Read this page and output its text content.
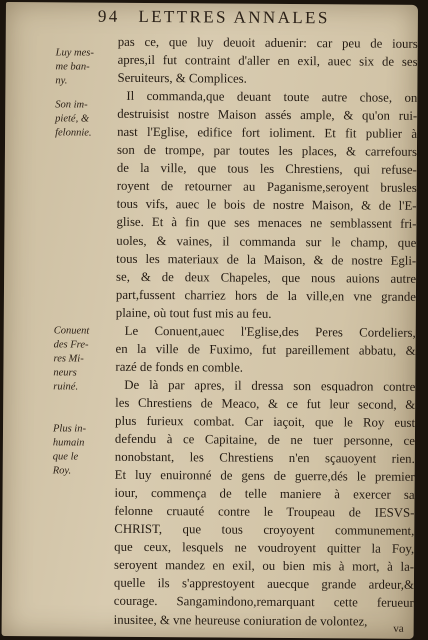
94 LETTRES ANNALES
Luy mes-
me ban-
ny.
Son im-
pieté, &
felonnie.
Conuent
des Fre-
res Mi-
neurs
ruiné.
Plus in-
humain
que le
Roy.
pas ce, que luy deuoit aduenir: car peu de iours
apres,il fut contraint d'aller en exil, auec six de ses
Seruiteurs, & Complices.
Il commanda,que deuant toute autre chose, on
destruisist nostre Maison assés ample, & qu'on rui-
nast l'Eglise, edifice fort ioliment. Et fit publier à
son de trompe, par toutes les places, & carrefours
de la ville, que tous les Chrestiens, qui refuse-
royent de retourner au Paganisme,seroyent brusles
tous vifs, auec le bois de nostre Maison, & de l'E-
glise. Et à fin que ses menaces ne semblassent fri-
uoles, & vaines, il commanda sur le champ, que
tous les materiaux de la Maison, & de nostre Egli-
se, & de deux Chapeles, que nous auions autre
part,fussent charriez hors de la ville,en vne grande
plaine, où tout fust mis au feu.
Le Conuent,auec l'Eglise,des Peres Cordeliers,
en la ville de Fuximo, fut pareillement abbatu, &
razé de fonds en comble.
De là par apres, il dressa son esquadron contre
les Chrestiens de Meaco, & ce fut leur second, &
plus furieux combat. Car iaçoit, que le Roy eust
defendu à ce Capitaine, de ne tuer personne, ce
nonobstant, les Chrestiens n'en sçauoyent rien.
Et luy enuironné de gens de guerre,dés le premier
iour, commença de telle maniere à exercer sa
felonne cruauté contre le Troupeau de IESVS-
CHRIST, que tous croyoyent communement,
que ceux, lesquels ne voudroyent quitter la Foy,
seroyent mandez en exil, ou bien mis à mort, à la-
quelle ils s'apprestoyent auecque grande ardeur,&
courage. Sangamindono,remarquant cette ferueur
inusitee, & vne heureuse coniuration de volontez,
va
